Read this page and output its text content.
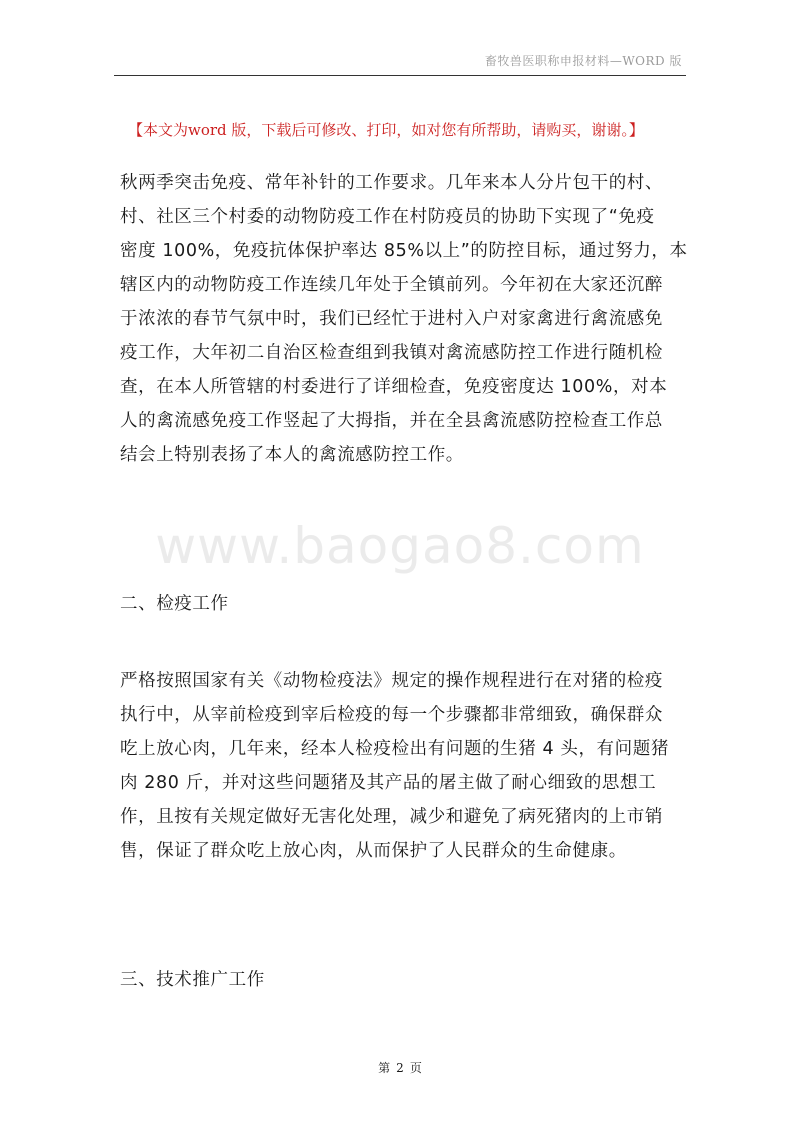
畜牧兽医职称申报材料—WORD 版
【本文为word 版，下载后可修改、打印，如对您有所帮助，请购买，谢谢。】
www.baogao8.com
秋两季突击免疫、常年补针的工作要求。几年来本人分片包干的村、
村、社区三个村委的动物防疫工作在村防疫员的协助下实现了“免疫
密度 100%，免疫抗体保护率达 85%以上”的防控目标，通过努力，本
辖区内的动物防疫工作连续几年处于全镇前列。今年初在大家还沉醉
于浓浓的春节气氛中时，我们已经忙于进村入户对家禽进行禽流感免
疫工作，大年初二自治区检查组到我镇对禽流感防控工作进行随机检
查，在本人所管辖的村委进行了详细检查，免疫密度达 100%，对本
人的禽流感免疫工作竖起了大拇指，并在全县禽流感防控检查工作总
结会上特别表扬了本人的禽流感防控工作。
二、检疫工作
严格按照国家有关《动物检疫法》规定的操作规程进行在对猪的检疫
执行中，从宰前检疫到宰后检疫的每一个步骤都非常细致，确保群众
吃上放心肉，几年来，经本人检疫检出有问题的生猪 4 头，有问题猪
肉 280 斤，并对这些问题猪及其产品的屠主做了耐心细致的思想工
作，且按有关规定做好无害化处理，减少和避免了病死猪肉的上市销
售，保证了群众吃上放心肉，从而保护了人民群众的生命健康。
三、技术推广工作
第 2 页
